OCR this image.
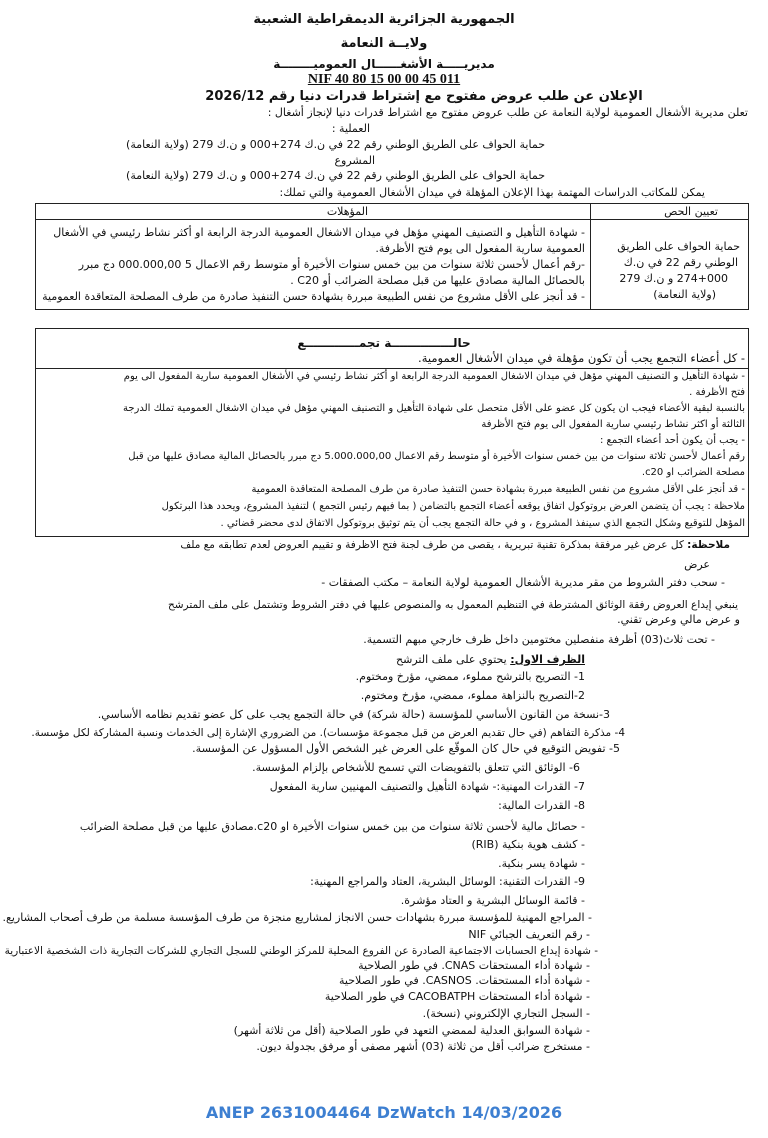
الجمهورية الجزائرية الديمقراطية الشعبية
ولايــة النعامة
مديريـــــة الأشغــــــال العموميــــــــة
NIF 40 80 15 00 00 45 011
الإعلان عن طلب عروض مفتوح مع إشتراط قدرات دنيا رقم 2026/12
تعلن مديرية الأشغال العمومية لولاية النعامة عن طلب عروض مفتوح مع اشتراط قدرات دنيا لإنجاز أشغال :
العملية :
حماية الحواف على الطريق الوطني رقم 22 في ن.ك 274+000 و ن.ك 279 (ولاية النعامة)
المشروع
حماية الحواف على الطريق الوطني رقم 22 في ن.ك 274+000 و ن.ك 279 (ولاية النعامة)
يمكن للمكاتب الدراسات المهتمة بهذا الإعلان المؤهلة في ميدان الأشغال العمومية والتي تملك:
تعيين الحص
المؤهلات
حماية الحواف على الطريق
الوطني رقم 22 في ن.ك
274+000 و ن.ك 279
(ولاية النعامة)
- شهادة التأهيل و التصنيف المهني مؤهل في ميدان الاشغال العمومية الدرجة الرابعة او أكثر نشاط رئيسي في الأشغال
العمومية سارية المفعول الى يوم فتح الأظرفة.
-رقم أعمال لأحسن ثلاثة سنوات من بين خمس سنوات الأخيرة أو متوسط رقم الاعمال 5 000.000,00 دج مبرر
بالحصائل المالية مصادق عليها من قبل مصلحة الضرائب أو C20 .
- قد أنجز على الأقل مشروع من نفس الطبيعة مبررة بشهادة حسن التنفيذ صادرة من طرف المصلحة المتعاقدة العمومية
حالـــــــــــــــة تجمـــــــــــــع
- كل أعضاء التجمع يجب أن تكون مؤهلة في ميدان الأشغال العمومية.
- شهادة التأهيل و التصنيف المهني مؤهل في ميدان الاشغال العمومية الدرجة الرابعة او أكثر نشاط رئيسي في الأشغال العمومية سارية المفعول الى يوم
فتح الأظرفة .
بالنسبة لبقية الأعضاء فيجب ان يكون كل عضو على الأقل متحصل على شهادة التأهيل و التصنيف المهني مؤهل في ميدان الاشغال العمومية تملك الدرجة
الثالثة أو اكثر نشاط رئيسي سارية المفعول الى يوم فتح الأظرفة
- يجب أن يكون أحد أعضاء التجمع :
رقم أعمال لأحسن ثلاثة سنوات من بين خمس سنوات الأخيرة أو متوسط رقم الاعمال 5.000.000,00 دج مبرر بالحصائل المالية مصادق عليها من قبل
مصلحة الضرائب او c20.
- قد أنجز على الأقل مشروع من نفس الطبيعة مبررة بشهادة حسن التنفيذ صادرة من طرف المصلحة المتعاقدة العمومية
ملاحظة : يجب أن يتضمن العرض بروتوكول اتفاق يوقعه أعضاء التجمع بالتضامن ( بما فيهم رئيس التجمع ) لتنفيذ المشروع، ويحدد هذا البرتكول
المؤهل للتوقيع وشكل التجمع الذي سينفذ المشروع ، و في حالة التجمع يجب أن يتم توثيق بروتوكول الاتفاق لدى محضر قضائي .
ملاحظة: كل عرض غير مرفقة بمذكرة تقنية تبريرية ، يقصى من طرف لجنة فتح الاظرفة و تقييم العروض لعدم تطابقه مع ملف
عرض
- سحب دفتر الشروط من مقر مديرية الأشغال العمومية لولاية النعامة – مكتب الصفقات -
ينبغي إيداع العروض رفقة الوثائق المشترطة في التنظيم المعمول به والمنصوص عليها في دفتر الشروط وتشتمل على ملف المترشح
و عرض مالي وعرض تقني.
- تحت ثلاث(03) أظرفة منفصلين مختومين داخل ظرف خارجي مبهم التسمية.
الظرف الاول: يحتوي على ملف الترشح
1- التصريح بالترشح مملوء، ممضي، مؤرخ ومختوم.
2-التصريح بالنزاهة مملوء، ممضي، مؤرخ ومختوم.
3-نسخة من القانون الأساسي للمؤسسة (حالة شركة) في حالة التجمع يجب على كل عضو تقديم نظامه الأساسي.
4- مذكرة التفاهم (في حال تقديم العرض من قبل مجموعة مؤسسات). من الضروري الإشارة إلى الخدمات ونسبة المشاركة لكل مؤسسة.
5- تفويض التوقيع في حال كان الموقّع على العرض غير الشخص الأول المسؤول عن المؤسسة.
6- الوثائق التي تتعلق بالتفويضات التي تسمح للأشخاص بإلزام المؤسسة.
7- القدرات المهنية:- شهادة التأهيل والتصنيف المهنيين سارية المفعول
8- القدرات المالية:
- حصائل مالية لأحسن ثلاثة سنوات من بين خمس سنوات الأخيرة او c20.مصادق عليها من قبل مصلحة الضرائب
- كشف هوية بنكية (RIB)
- شهادة يسر بنكية.
9- القدرات التقنية: الوسائل البشرية، العتاد والمراجع المهنية:
- قائمة الوسائل البشرية و العتاد مؤشرة.
- المراجع المهنية للمؤسسة مبررة بشهادات حسن الانجاز لمشاريع منجزة من طرف المؤسسة مسلمة من طرف أصحاب المشاريع.
- رقم التعريف الجبائي NIF
- شهادة إيداع الحسابات الاجتماعية الصادرة عن الفروع المحلية للمركز الوطني للسجل التجاري للشركات التجارية ذات الشخصية الاعتبارية
- شهادة أداء المستحقات CNAS. في طور الصلاحية
- شهادة أداء المستحقات. CASNOS. في طور الصلاحية
- شهادة أداء المستحقات CACOBATPH في طور الصلاحية
- السجل التجاري الإلكتروني (نسخة).
- شهادة السوابق العدلية لممضي التعهد في طور الصلاحية (أقل من ثلاثة أشهر)
- مستخرج ضرائب أقل من ثلاثة (03) أشهر مصفى أو مرفق بجدولة ديون.
ANEP 2631004464 DzWatch 14/03/2026
